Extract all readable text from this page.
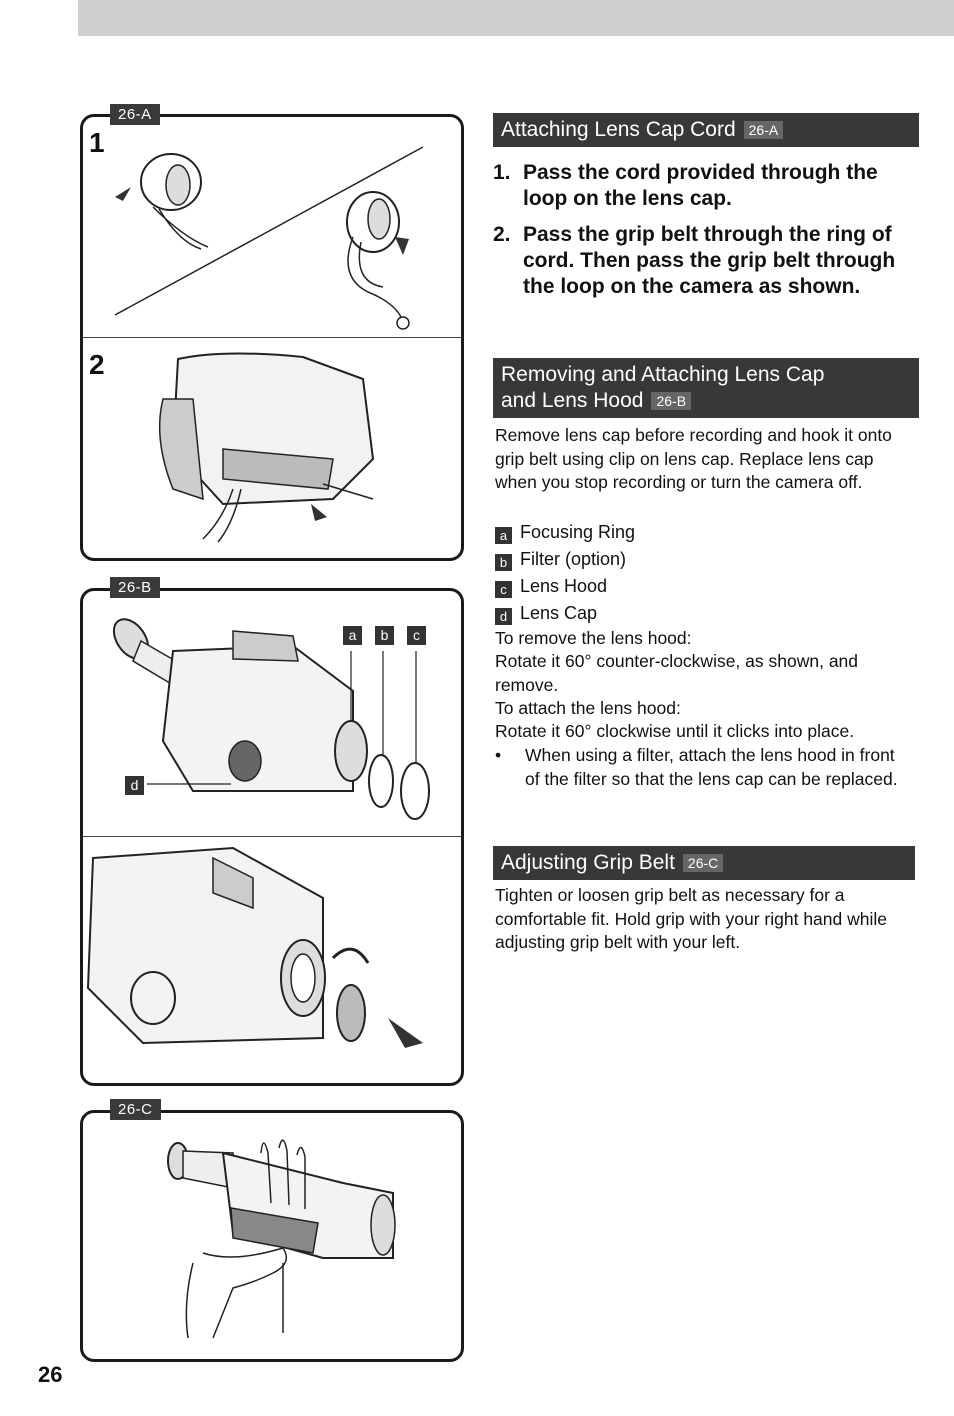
1
2
26-A
a	b	c
d
26-B
26-C
Attaching Lens Cap Cord 26-A
1. Pass the cord provided through the loop on the lens cap.
2. Pass the grip belt through the ring of cord. Then pass the grip belt through the loop on the camera as shown.
Removing and Attaching Lens Cap
and Lens Hood 26-B
Remove lens cap before recording and hook it onto grip belt using clip on lens cap. Replace lens cap when you stop recording or turn the camera off.
a Focusing Ring
b Filter (option)
c Lens Hood
d Lens Cap
To remove the lens hood:
Rotate it 60° counter-clockwise, as shown, and remove.
To attach the lens hood:
Rotate it 60° clockwise until it clicks into place.
• When using a filter, attach the lens hood in front of the filter so that the lens cap can be replaced.
Adjusting Grip Belt 26-C
Tighten or loosen grip belt as necessary for a comfortable fit. Hold grip with your right hand while adjusting grip belt with your left.
26
